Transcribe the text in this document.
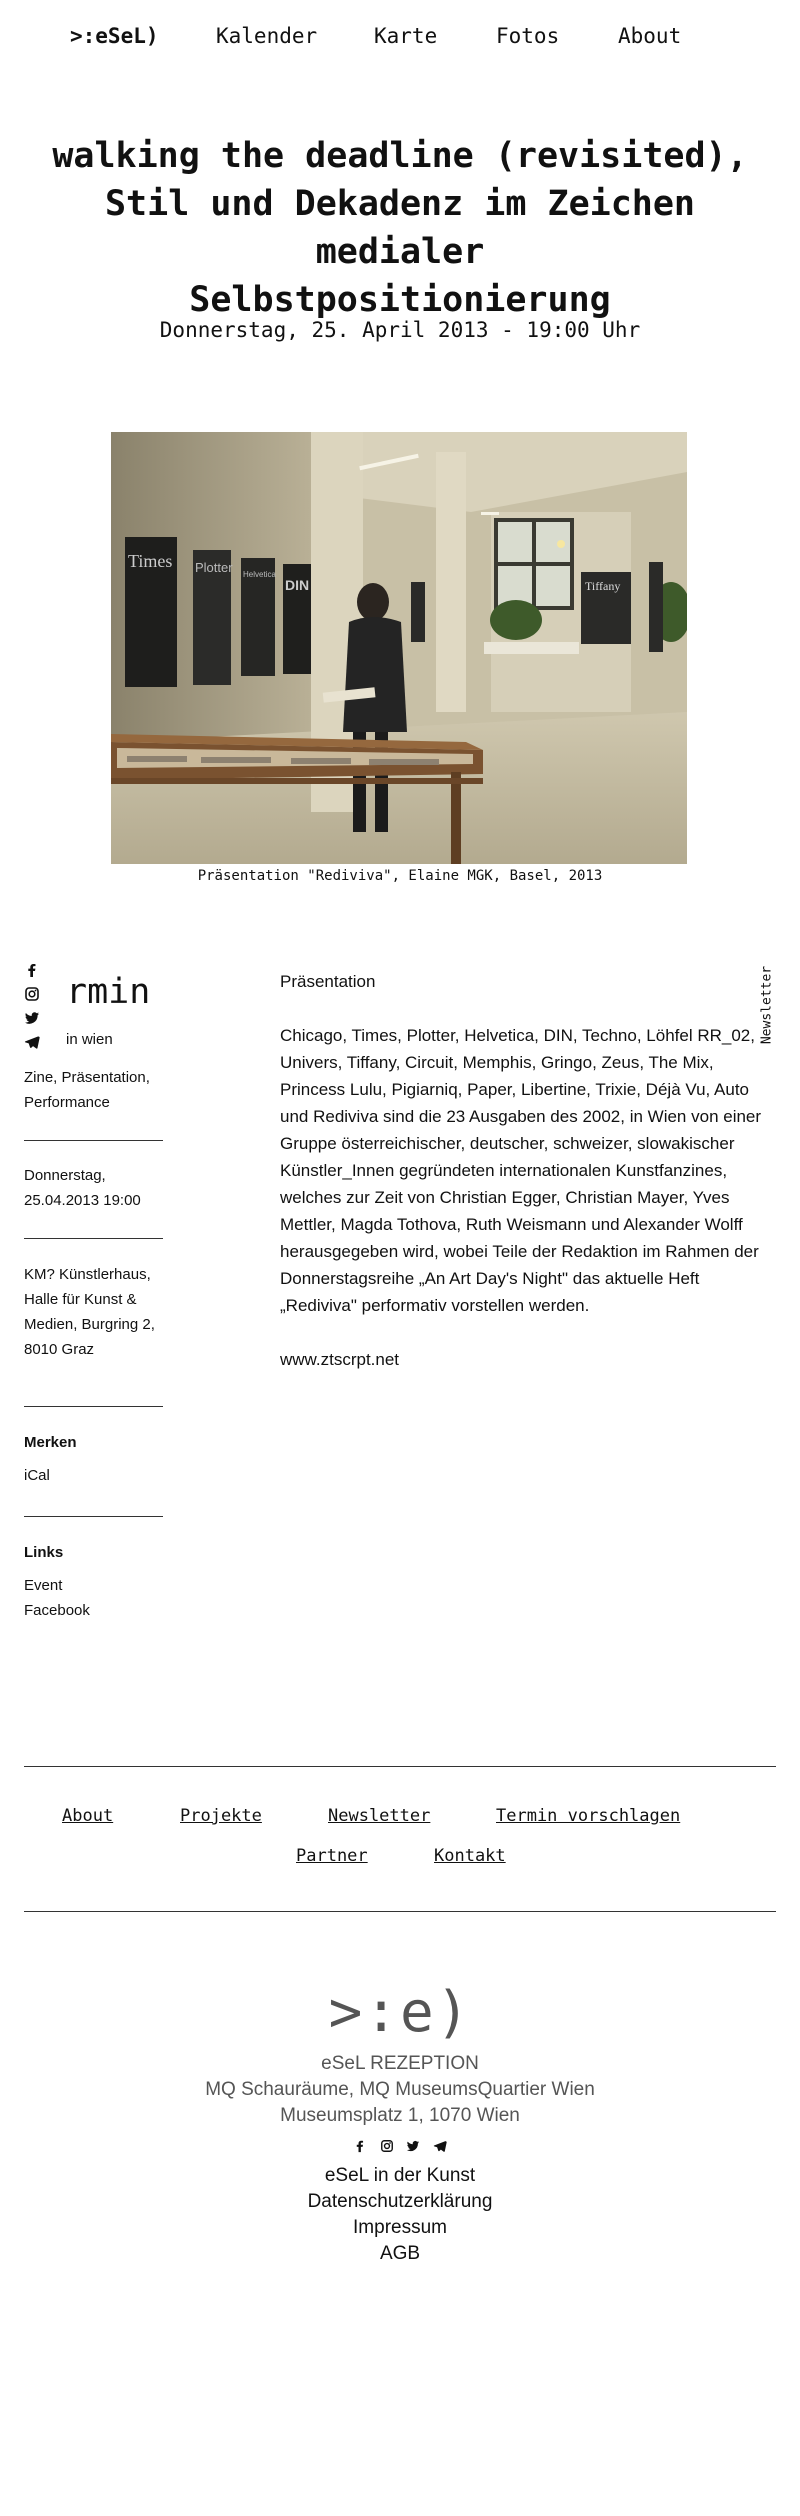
>:eSeL)	Kalender	Karte	Fotos	About
walking the deadline (revisited),
Stil und Dekadenz im Zeichen medialer
Selbstpositionierung
Donnerstag, 25. April 2013 - 19:00 Uhr
Tiffany
Times Plotter Helvetica
DIN
Präsentation "Rediviva", Elaine MGK, Basel, 2013
rmin
in wien
Zine, Präsentation, Performance
Donnerstag,
25.04.2013 19:00
KM? Künstlerhaus, Halle für Kunst & Medien, Burgring 2, 8010 Graz
Merken
iCal
Links
Event
Facebook

Präsentation

Chicago, Times, Plotter, Helvetica, DIN, Techno, Löhfel RR_02, Univers, Tiffany, Circuit, Memphis, Gringo, Zeus, The Mix, Princess Lulu, Pigiarniq, Paper, Libertine, Trixie, Déjà Vu, Auto und Rediviva sind die 23 Ausgaben des 2002, in Wien von einer Gruppe österreichischer, deutscher, schweizer, slowakischer Künstler_Innen gegründeten internationalen Kunstfanzines, welches zur Zeit von Christian Egger, Christian Mayer, Yves Mettler, Magda Tothova, Ruth Weismann und Alexander Wolff herausgegeben wird, wobei Teile der Redaktion im Rahmen der Donnerstagsreihe „An Art Day's Night" das aktuelle Heft „Rediviva" performativ vorstellen werden.

www.ztscrpt.net
Newsletter
About	Projekte	Newsletter	Termin vorschlagen
Partner	Kontakt
>:e)
eSeL REZEPTION
MQ Schauräume, MQ MuseumsQuartier Wien
Museumsplatz 1, 1070 Wien

eSeL in der Kunst
Datenschutzerklärung
Impressum
AGB
